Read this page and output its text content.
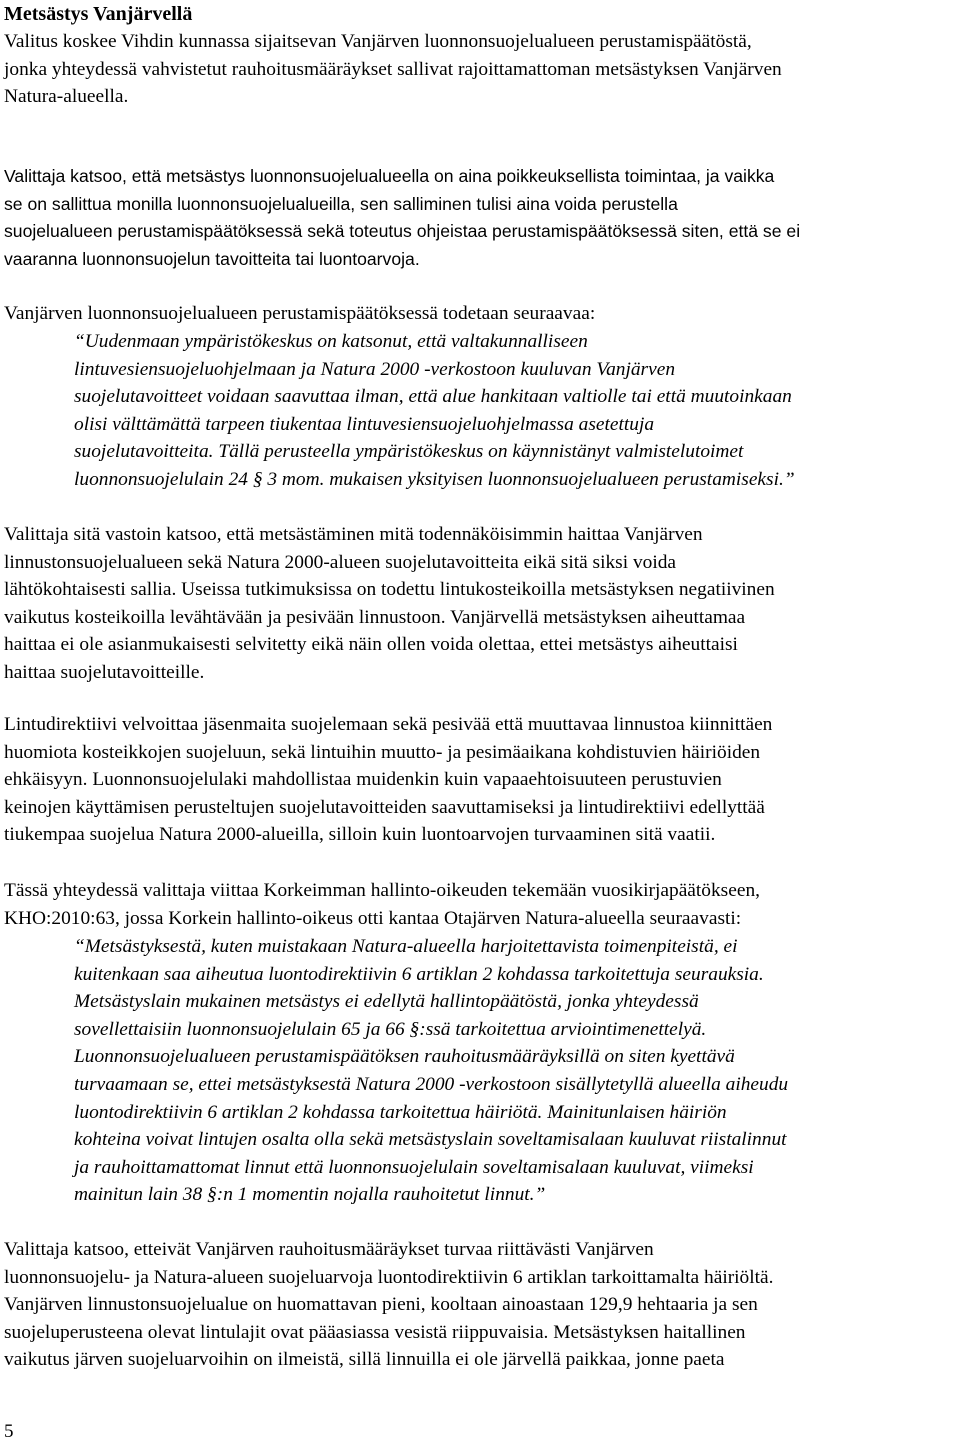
Metsästys Vanjärvellä
Valitus koskee Vihdin kunnassa sijaitsevan Vanjärven luonnonsuojelualueen perustamispäätöstä,
jonka yhteydessä vahvistetut rauhoitusmääräykset sallivat rajoittamattoman metsästyksen Vanjärven
Natura-alueella.
Valittaja katsoo, että metsästys luonnonsuojelualueella on aina poikkeuksellista toimintaa, ja vaikka
se on sallittua monilla luonnonsuojelualueilla, sen salliminen tulisi aina voida perustella
suojelualueen perustamispäätöksessä sekä toteutus ohjeistaa perustamispäätöksessä siten, että se ei
vaaranna luonnonsuojelun tavoitteita tai luontoarvoja.
Vanjärven luonnonsuojelualueen perustamispäätöksessä todetaan seuraavaa:
“Uudenmaan ympäristökeskus on katsonut, että valtakunnalliseen
lintuvesiensuojeluohjelmaan ja Natura 2000 -verkostoon kuuluvan Vanjärven
suojelutavoitteet voidaan saavuttaa ilman, että alue hankitaan valtiolle tai että muutoinkaan
olisi välttämättä tarpeen tiukentaa lintuvesiensuojeluohjelmassa asetettuja
suojelutavoitteita. Tällä perusteella ympäristökeskus on käynnistänyt valmistelutoimet
luonnonsuojelulain 24 § 3 mom. mukaisen yksityisen luonnonsuojelualueen perustamiseksi.”
Valittaja sitä vastoin katsoo, että metsästäminen mitä todennäköisimmin haittaa Vanjärven
linnustonsuojelualueen sekä Natura 2000-alueen suojelutavoitteita eikä sitä siksi voida
lähtökohtaisesti sallia. Useissa tutkimuksissa on todettu lintukosteikoilla metsästyksen negatiivinen
vaikutus kosteikoilla levähtävään ja pesivään linnustoon. Vanjärvellä metsästyksen aiheuttamaa
haittaa ei ole asianmukaisesti selvitetty eikä näin ollen voida olettaa, ettei metsästys aiheuttaisi
haittaa suojelutavoitteille.
Lintudirektiivi velvoittaa jäsenmaita suojelemaan sekä pesivää että muuttavaa linnustoa kiinnittäen
huomiota kosteikkojen suojeluun, sekä lintuihin muutto- ja pesimäaikana kohdistuvien häiriöiden
ehkäisyyn. Luonnonsuojelulaki mahdollistaa muidenkin kuin vapaaehtoisuuteen perustuvien
keinojen käyttämisen perusteltujen suojelutavoitteiden saavuttamiseksi ja lintudirektiivi edellyttää
tiukempaa suojelua Natura 2000-alueilla, silloin kuin luontoarvojen turvaaminen sitä vaatii.
Tässä yhteydessä valittaja viittaa Korkeimman hallinto-oikeuden tekemään vuosikirjapäätökseen,
KHO:2010:63, jossa Korkein hallinto-oikeus otti kantaa Otajärven Natura-alueella seuraavasti:
“Metsästyksestä, kuten muistakaan Natura-alueella harjoitettavista toimenpiteistä, ei
kuitenkaan saa aiheutua luontodirektiivin 6 artiklan 2 kohdassa tarkoitettuja seurauksia.
Metsästyslain mukainen metsästys ei edellytä hallintopäätöstä, jonka yhteydessä
sovellettaisiin luonnonsuojelulain 65 ja 66 §:ssä tarkoitettua arviointimenettelyä.
Luonnonsuojelualueen perustamispäätöksen rauhoitusmääräyksillä on siten kyettävä
turvaamaan se, ettei metsästyksestä Natura 2000 -verkostoon sisällytetyllä alueella aiheudu
luontodirektiivin 6 artiklan 2 kohdassa tarkoitettua häiriötä. Mainitunlaisen häiriön
kohteina voivat lintujen osalta olla sekä metsästyslain soveltamisalaan kuuluvat riistalinnut
ja rauhoittamattomat linnut että luonnonsuojelulain soveltamisalaan kuuluvat, viimeksi
mainitun lain 38 §:n 1 momentin nojalla rauhoitetut linnut.”
Valittaja katsoo, etteivät Vanjärven rauhoitusmääräykset turvaa riittävästi Vanjärven
luonnonsuojelu- ja Natura-alueen suojeluarvoja luontodirektiivin 6 artiklan tarkoittamalta häiriöltä.
Vanjärven linnustonsuojelualue on huomattavan pieni, kooltaan ainoastaan 129,9 hehtaaria ja sen
suojeluperusteena olevat lintulajit ovat pääasiassa vesistä riippuvaisia. Metsästyksen haitallinen
vaikutus järven suojeluarvoihin on ilmeistä, sillä linnuilla ei ole järvellä paikkaa, jonne paeta
5
